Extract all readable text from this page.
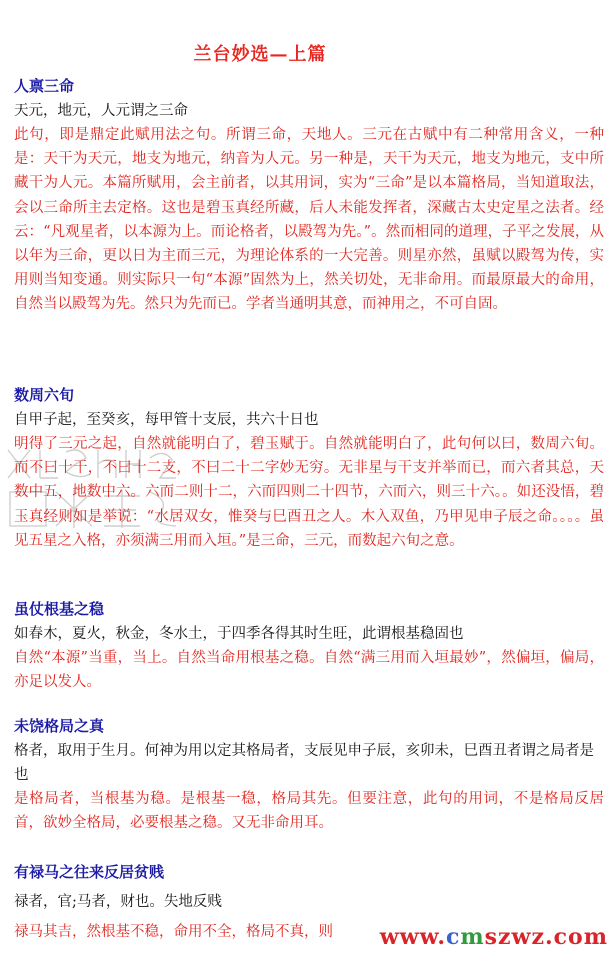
兰台妙选—上篇
人禀三命
天元，地元，人元谓之三命
此句，即是鼎定此赋用法之句。所谓三命，天地人。三元在古赋中有二种常用含义，一种是：天干为天元，地支为地元，纳音为人元。另一种是，天干为天元，地支为地元，支中所藏干为人元。本篇所赋用，会主前者，以其用词，实为“三命”是以本篇格局，当知道取法，会以三命所主去定格。这也是碧玉真经所藏，后人未能发挥者，深藏古太史定星之法者。经云：“凡观星者，以本源为上。而论格者，以殿驾为先。”。然而相同的道理，子平之发展，从以年为三命，更以日为主而三元，为理论体系的一大完善。则星亦然，虽赋以殿驾为传，实用则当知变通。则实际只一句“本源”固然为上，然关切处，无非命用。而最原最大的命用，自然当以殿驾为先。然只为先而已。学者当通明其意，而神用之，不可自固。
数周六旬
自甲子起，至癸亥，每甲管十支辰，共六十日也
明得了三元之起，自然就能明白了，碧玉赋于。自然就能明白了，此句何以曰，数周六旬。而不曰十干，不曰十二支，不曰二十二字妙无穷。无非星与干支并举而已，而六者其总，天数中五，地数中六。六而二则十二，六而四则二十四节，六而六，则三十六。。如还没悟，碧玉真经则如是举说：“水居双女，惟癸与巳酉丑之人。木入双鱼，乃甲见申子辰之命。。。。虽见五星之入格，亦须满三用而入垣。”是三命，三元，而数起六旬之意。
虽仗根基之稳
如春木，夏火，秋金，冬水土，于四季各得其时生旺，此谓根基稳固也
自然“本源”当重，当上。自然当命用根基之稳。自然“满三用而入垣最妙”，然偏垣，偏局，亦足以发人。
未饶格局之真
格者，取用于生月。何神为用以定其格局者，支辰见申子辰，亥卯未，巳酉丑者谓之局者是也
是格局者，当根基为稳。是根基一稳，格局其先。但要注意，此句的用词，不是格局反居首，欲妙全格局，必要根基之稳。又无非命用耳。
有禄马之往来反居贫贱
禄者，官;马者，财也。失地反贱
禄马其吉，然根基不稳，命用不全，格局不真，则	www.cmszwz.com
